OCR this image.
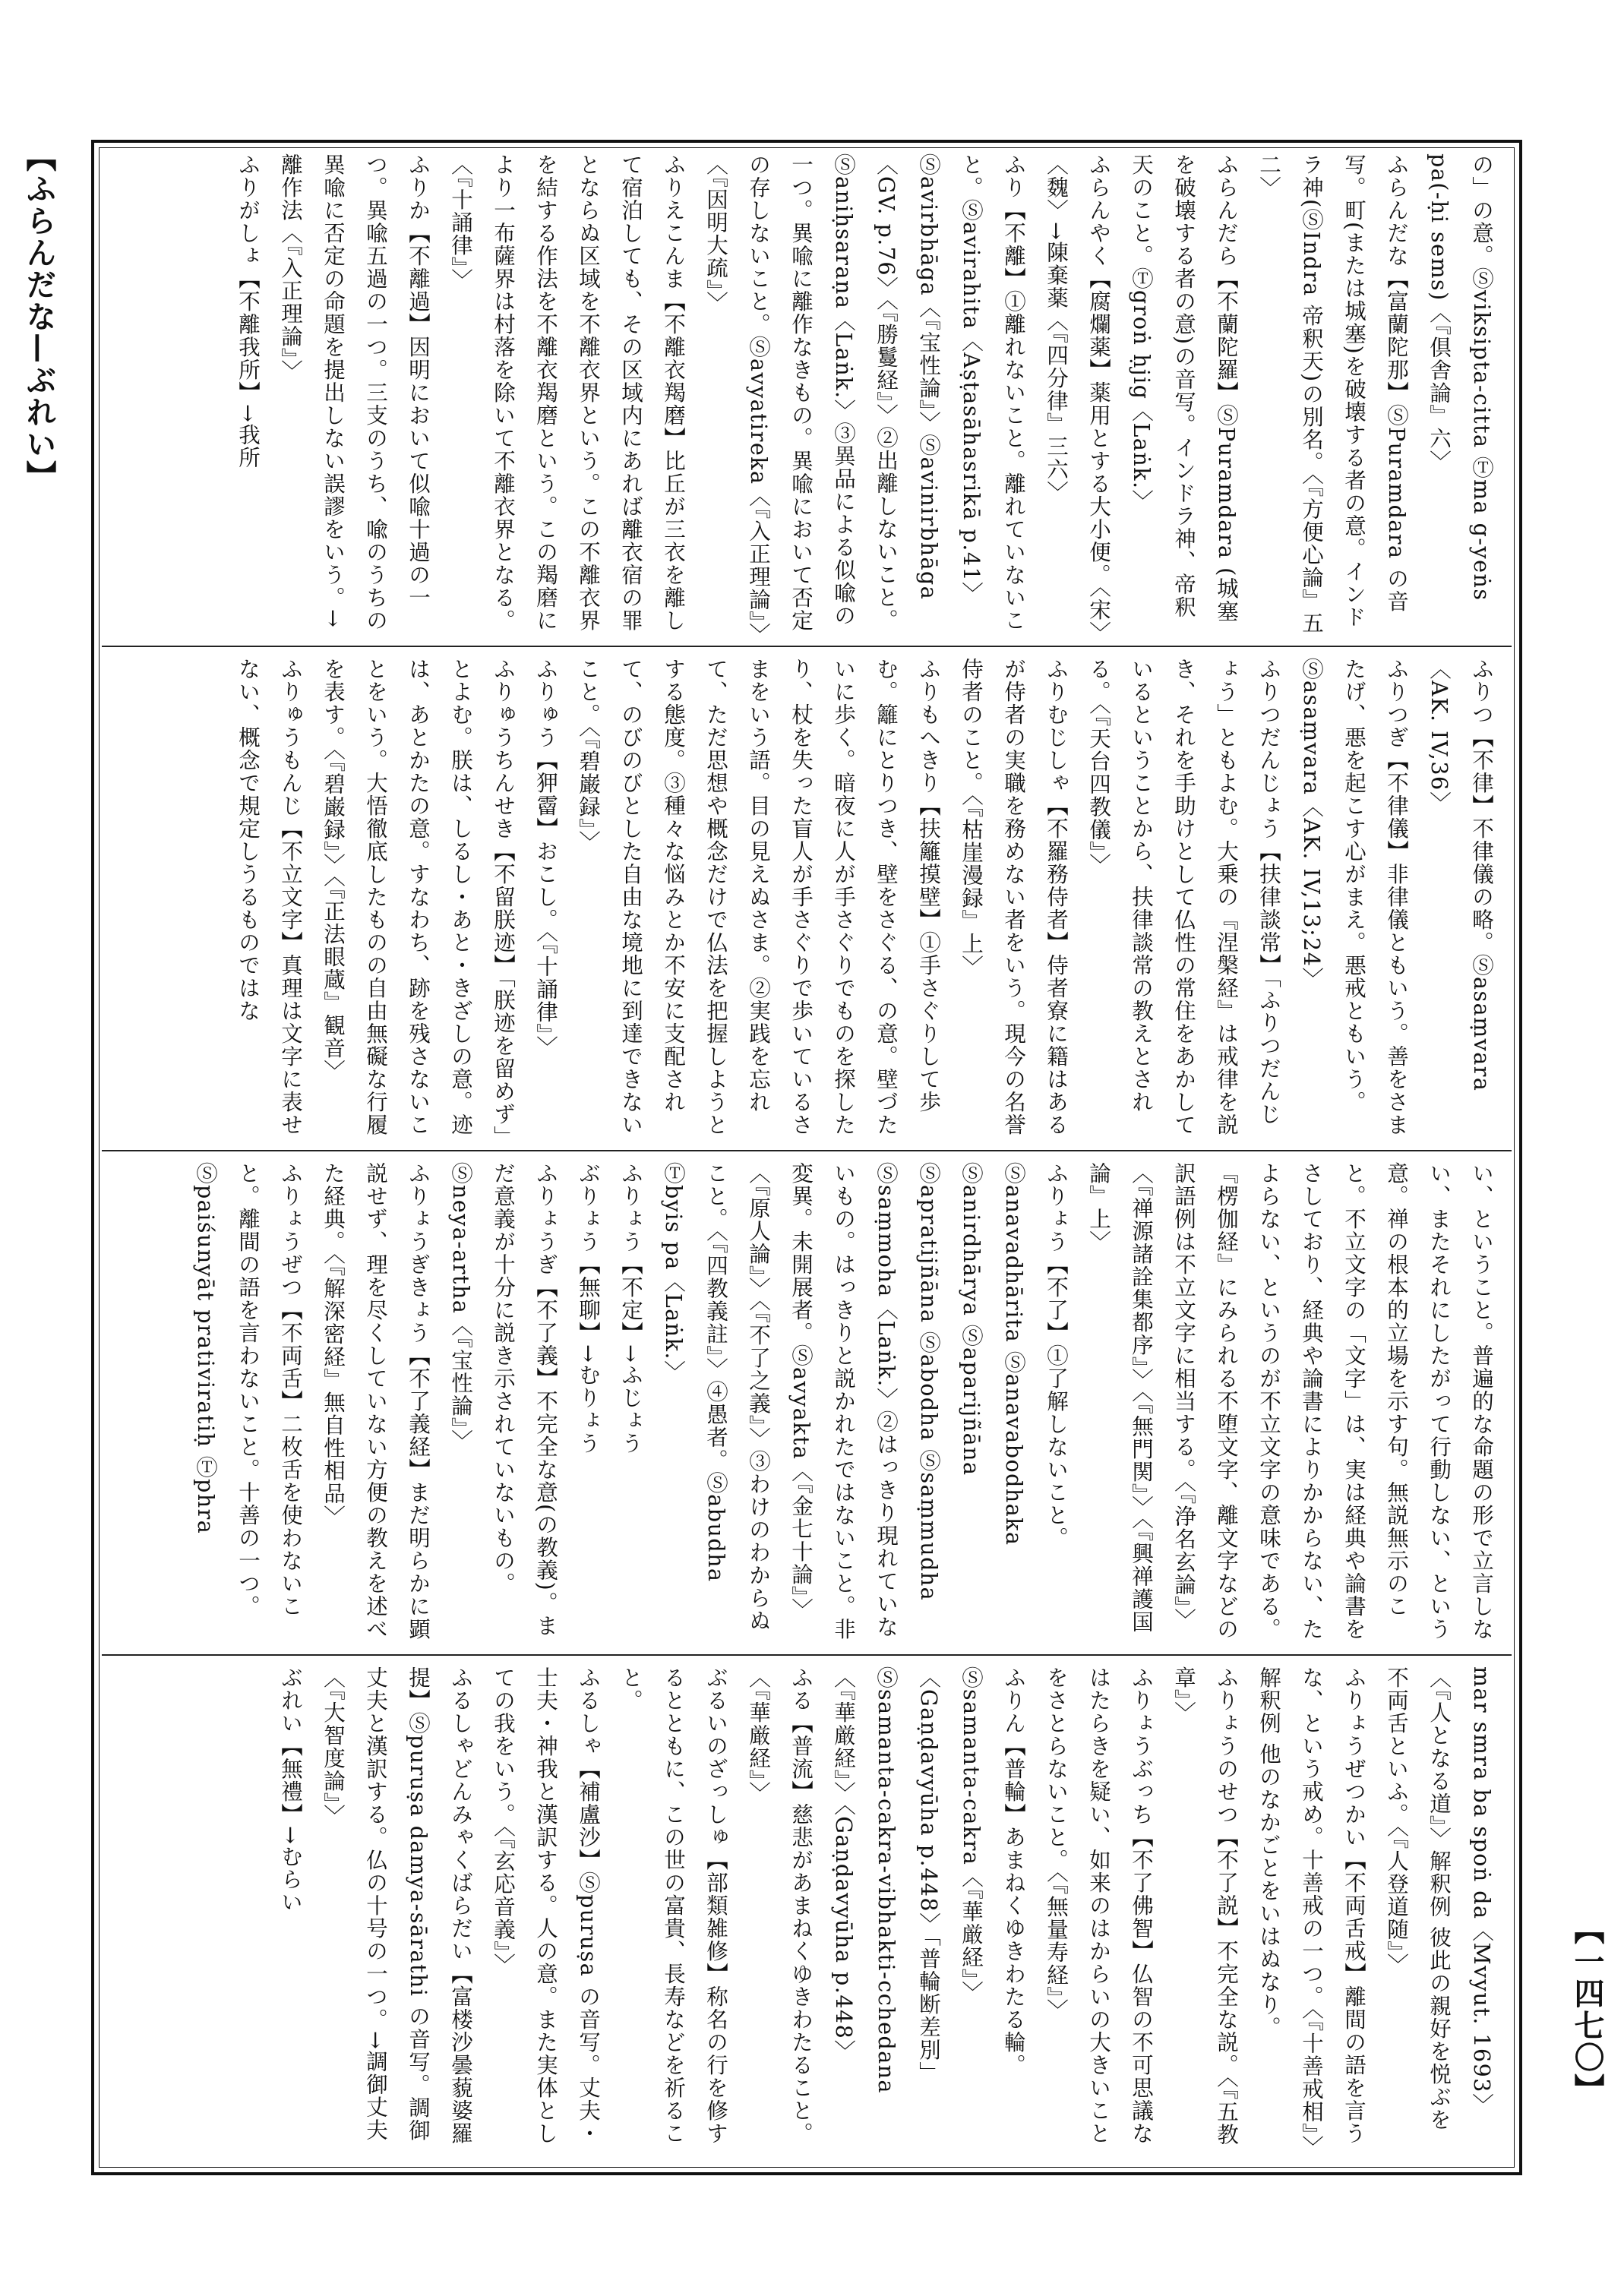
【ふらんだな—ぶれい】
【一四七〇】
の」の意。Ⓢviksipta-citta Ⓣma g-yeṅs pa(-ḥi sems)〈『倶舎論』六〉
ふらんだな【富蘭陀那】ⓈPuramdara の音写。町(または城塞)を破壊する者の意。インドラ神(ⓈIndra 帝釈天)の別名。〈『方便心論』五二〉
ふらんだら【不蘭陀羅】ⓈPuramdara (城塞を破壊する者の意)の音写。インドラ神、帝釈天のこと。Ⓣgroṅ ḥjig〈Laṅk.〉
ふらんやく【腐爛薬】薬用とする大小便。〈宋〉〈魏〉→陳棄薬〈『四分律』三六〉
ふり【不離】①離れないこと。離れていないこと。Ⓢavirahita〈Aṣṭasāhasrikā p.41〉Ⓢavirbhāga〈『宝性論』〉Ⓢavinirbhāga〈GV. p.76〉〈『勝鬘経』〉②出離しないこと。Ⓢaniḥsaraṇa〈Laṅk.〉③異品による似喩の一つ。異喩に離作なきもの。異喩において否定の存しないこと。Ⓢavyatireka〈『入正理論』〉〈『因明大疏』〉
ふりえこんま【不離衣羯磨】比丘が三衣を離して宿泊しても、その区域内にあれば離衣宿の罪とならぬ区域を不離衣界という。この不離衣界を結する作法を不離衣羯磨という。この羯磨により一布薩界は村落を除いて不離衣界となる。〈『十誦律』〉
ふりか【不離過】因明において似喩十過の一つ。異喩五過の一つ。三支のうち、喩のうちの異喩に否定の命題を提出しない誤謬をいう。→離作法〈『入正理論』〉
ふりがしょ【不離我所】→我所
ふりつ【不律】不律儀の略。Ⓢasaṃvara〈AK. IV,36〉
ふりつぎ【不律儀】非律儀ともいう。善をさまたげ、悪を起こす心がまえ。悪戒ともいう。Ⓢasaṃvara〈AK. IV,13;24〉
ふりつだんじょう【扶律談常】「ふりつだんじょう」ともよむ。大乗の『涅槃経』は戒律を説き、それを手助けとして仏性の常住をあかしているということから、扶律談常の教えとされる。〈『天台四教儀』〉
ふりむじしゃ【不羅務侍者】侍者寮に籍はあるが侍者の実職を務めない者をいう。現今の名誉侍者のこと。〈『枯崖漫録』上〉
ふりもへきり【扶籬摸壁】①手さぐりして歩む。籬にとりつき、壁をさぐる、の意。壁づたいに歩く。暗夜に人が手さぐりでものを探したり、杖を失った盲人が手さぐりで歩いているさまをいう語。目の見えぬさま。②実践を忘れて、ただ思想や概念だけで仏法を把握しようとする態度。③種々な悩みとか不安に支配されて、のびのびとした自由な境地に到達できないこと。〈『碧巌録』〉
ふりゅう【狎霤】おこし。〈『十誦律』〉
ふりゅうちんせき【不留朕迹】「朕迹を留めず」とよむ。朕は、しるし・あと・きざしの意。迹は、あとかたの意。すなわち、跡を残さないことをいう。大悟徹底したものの自由無礙な行履を表す。〈『碧巌録』〉〈『正法眼蔵』観音〉
ふりゅうもんじ【不立文字】真理は文字に表せない、概念で規定しうるものではな
い、ということ。普遍的な命題の形で立言しない、またそれにしたがって行動しない、という意。禅の根本的立場を示す句。無説無示のこと。不立文字の「文字」は、実は経典や論書をさしており、経典や論書によりかからない、たよらない、というのが不立文字の意味である。『楞伽経』にみられる不堕文字、離文字などの訳語例は不立文字に相当する。〈『浄名玄論』〉〈『禅源諸詮集都序』〉〈『無門関』〉〈『興禅護国論』上〉
ふりょう【不了】①了解しないこと。Ⓢanavadhārita Ⓢanavabodhaka Ⓢanirdhārya Ⓢaparijñāna Ⓢapratijñāna Ⓢabodha Ⓢsaṃmudha Ⓢsaṃmoha〈Laṅk.〉②はっきり現れていないもの。はっきりと説かれたではないこと。非変異。未開展者。Ⓢavyakta〈『金七十論』〉〈『原人論』〉〈『不了之義』〉③わけのわからぬこと。〈『四教義註』〉④愚者。Ⓢabudha Ⓣbyis pa〈Laṅk.〉
ふりょう【不定】→ふじょう
ぶりょう【無聊】→むりょう
ふりょうぎ【不了義】不完全な意(の教義)。まだ意義が十分に説き示されていないもの。Ⓢneya-artha〈『宝性論』〉
ふりょうぎきょう【不了義経】まだ明らかに顕説せず、理を尽くしていない方便の教えを述べた経典。〈『解深密経』無自性相品〉
ふりょうぜつ【不両舌】二枚舌を使わないこと。離間の語を言わないこと。十善の一つ。Ⓢpaiśunyāt prativiratiḥ Ⓣphra
mar smra ba spoṅ da〈Mvyut. 1693〉〈『人となる道』〉解釈例 彼此の親好を悦ぶを不両舌といふ。〈『人登道随』〉
ふりょうぜつかい【不両舌戒】離間の語を言うな、という戒め。十善戒の一つ。〈『十善戒相』〉解釈例 他のなかごとをいはぬなり。
ふりょうのせつ【不了説】不完全な説。〈『五教章』〉
ふりょうぶっち【不了佛智】仏智の不可思議なはたらきを疑い、如来のはからいの大きいことをさとらないこと。〈『無量寿経』〉
ふりん【普輪】あまねくゆきわたる輪。Ⓢsamanta-cakra〈『華厳経』〉〈Gaṇḍavyūha p.448〉「普輪断差別」Ⓢsamanta-cakra-vibhakti-cchedana〈『華厳経』〉〈Gaṇḍavyūha p.448〉
ふる【普流】慈悲があまねくゆきわたること。〈『華厳経』〉
ぶるいのざっしゅ【部類雑修】称名の行を修するとともに、この世の富貴、長寿などを祈ること。
ふるしゃ【補盧沙】Ⓢpuruṣa の音写。丈夫・士夫・神我と漢訳する。人の意。また実体としての我をいう。〈『玄応音義』〉
ふるしゃどんみゃくばらだい【富楼沙曇藐婆羅提】Ⓢpuruṣa damya-sārathi の音写。調御丈夫と漢訳する。仏の十号の一つ。→調御丈夫〈『大智度論』〉
ぶれい【無禮】→むらい
